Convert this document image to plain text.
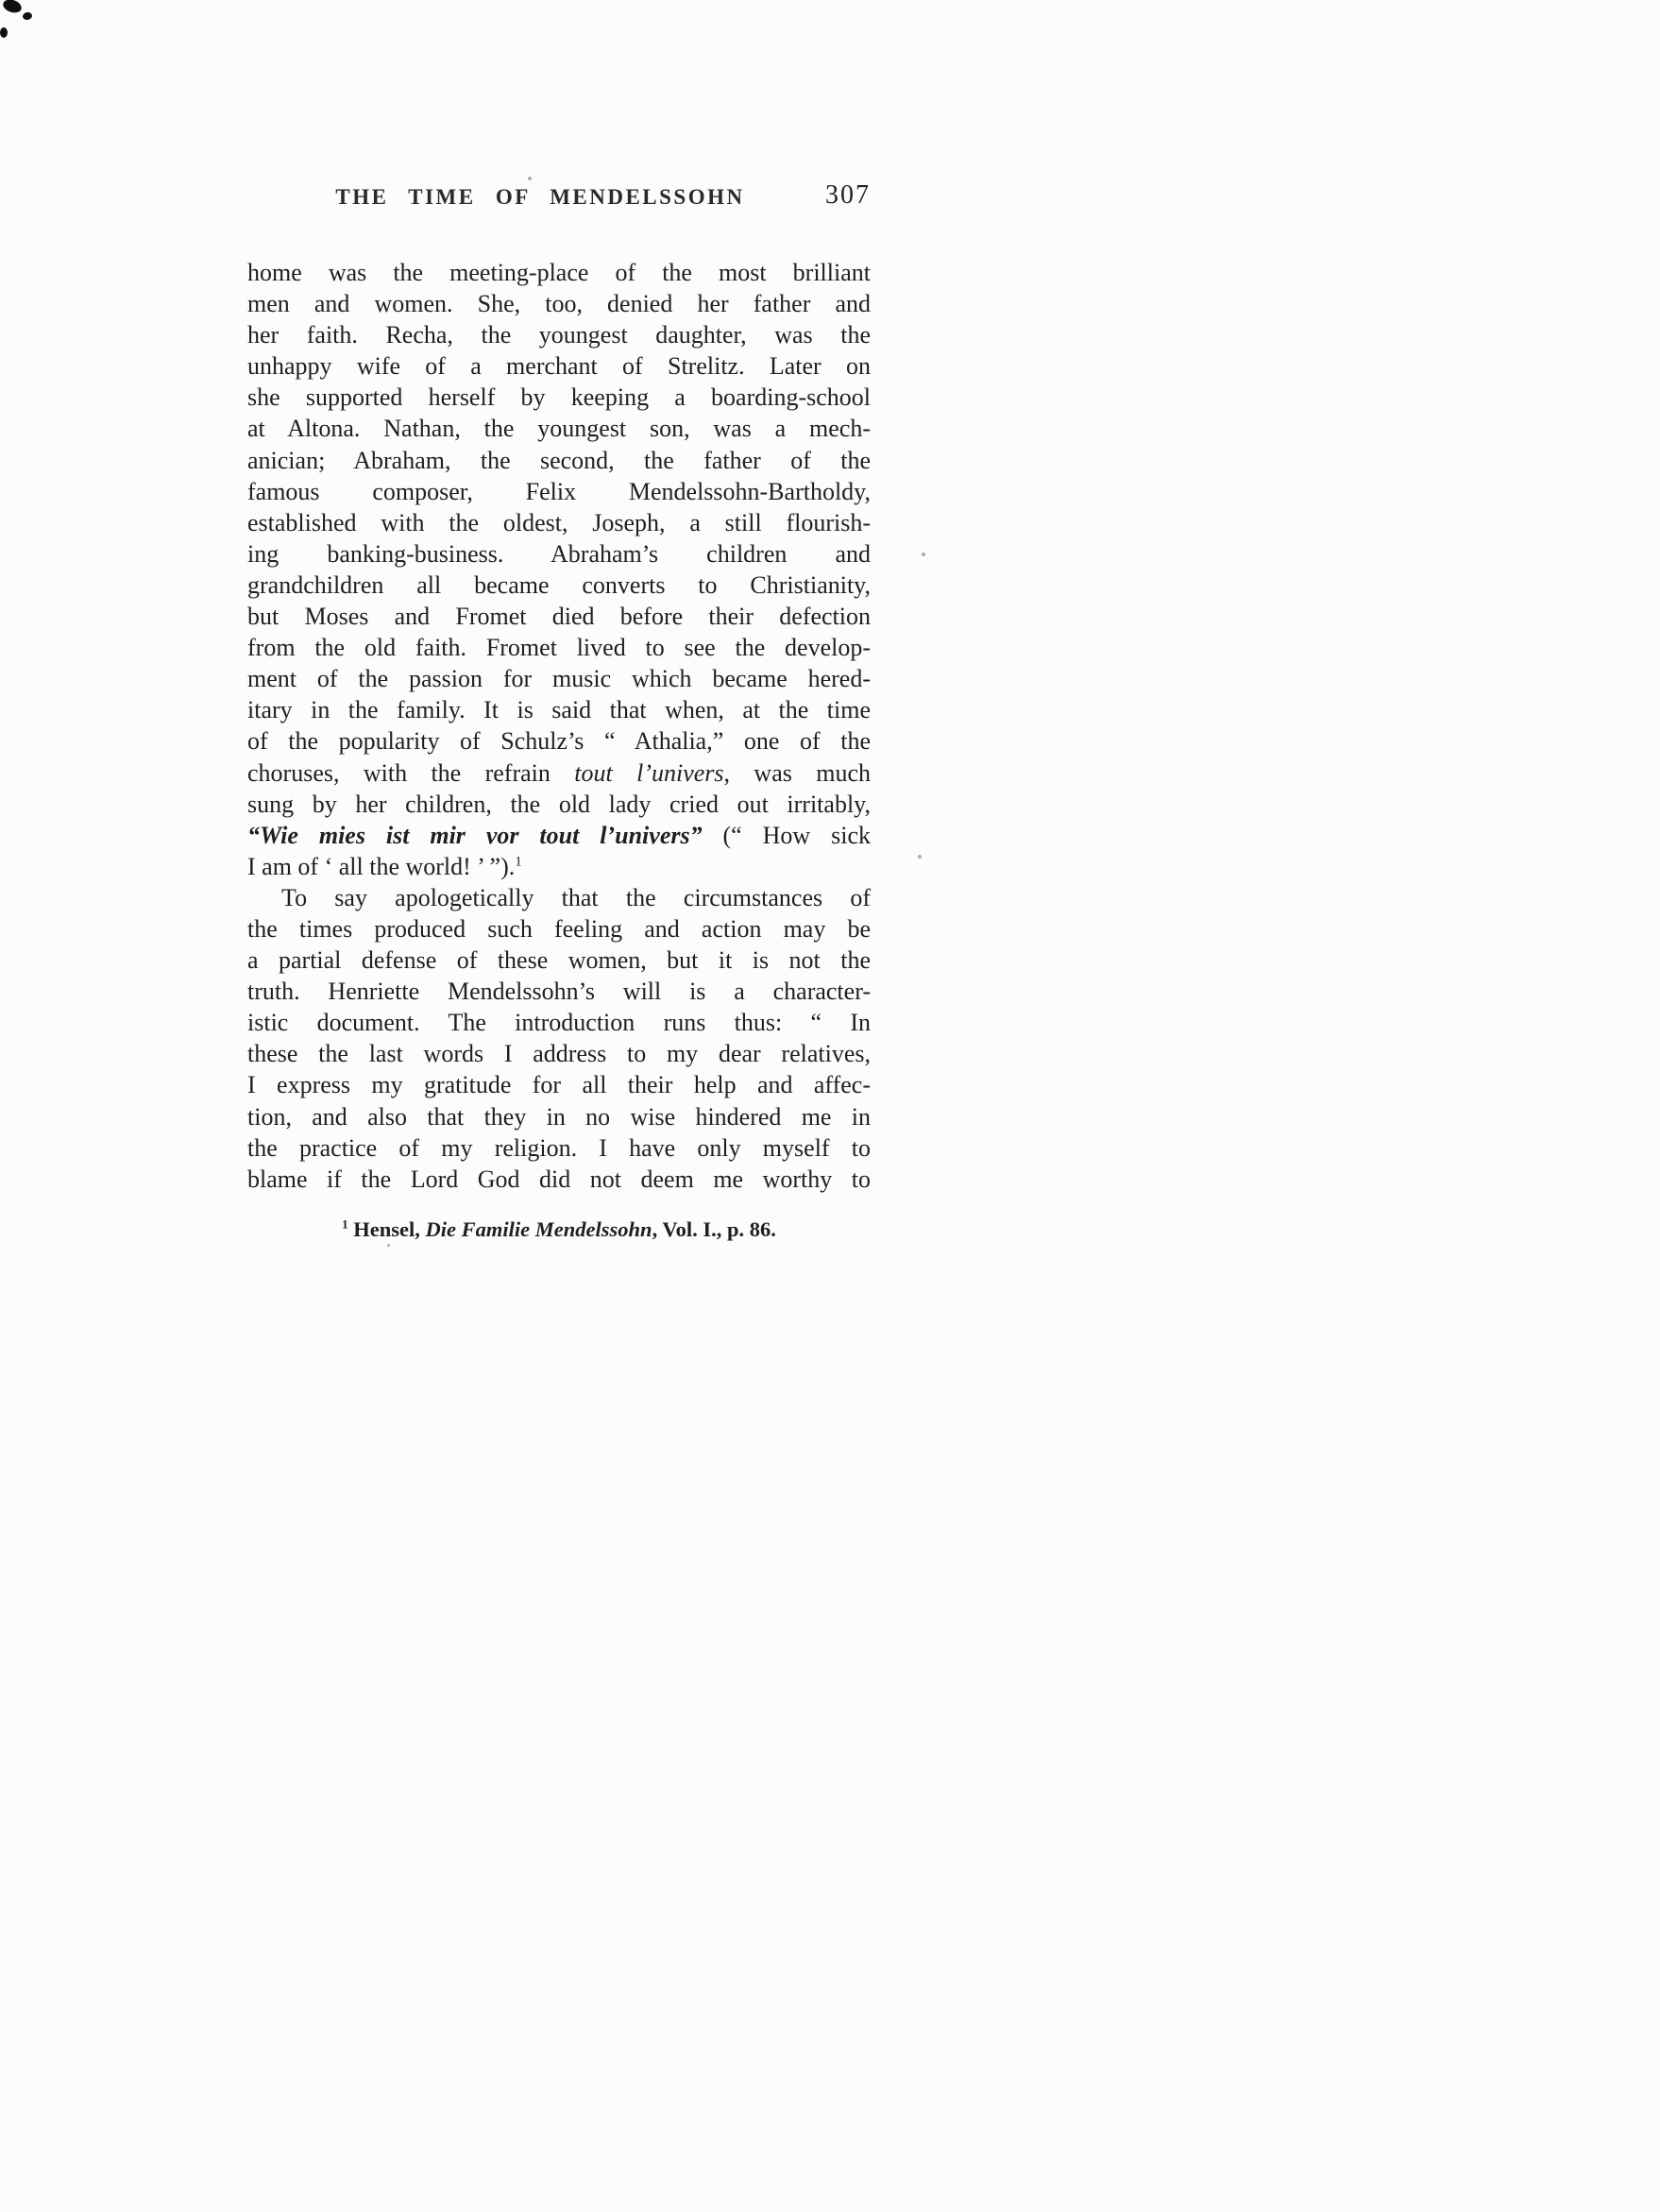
THE TIME OF MENDELSSOHN	307
home was the meeting-place of the most brilliant
men and women. She, too, denied her father and
her faith. Recha, the youngest daughter, was the
unhappy wife of a merchant of Strelitz. Later on
she supported herself by keeping a boarding-school
at Altona. Nathan, the youngest son, was a mech-
anician; Abraham, the second, the father of the
famous composer, Felix Mendelssohn-Bartholdy,
established with the oldest, Joseph, a still flourish-
ing banking-business. Abraham’s children and
grandchildren all became converts to Christianity,
but Moses and Fromet died before their defection
from the old faith. Fromet lived to see the develop-
ment of the passion for music which became hered-
itary in the family. It is said that when, at the time
of the popularity of Schulz’s “ Athalia,” one of the
choruses, with the refrain tout l’univers, was much
sung by her children, the old lady cried out irritably,
“Wie mies ist mir vor tout l’univers” (“ How sick
I am of ‘ all the world! ’ ”).$^1$
To say apologetically that the circumstances of
the times produced such feeling and action may be
a partial defense of these women, but it is not the
truth. Henriette Mendelssohn’s will is a character-
istic document. The introduction runs thus: “ In
these the last words I address to my dear relatives,
I express my gratitude for all their help and affec-
tion, and also that they in no wise hindered me in
the practice of my religion. I have only myself to
blame if the Lord God did not deem me worthy to
$^1$ Hensel, Die Familie Mendelssohn, Vol. I., p. 86.
